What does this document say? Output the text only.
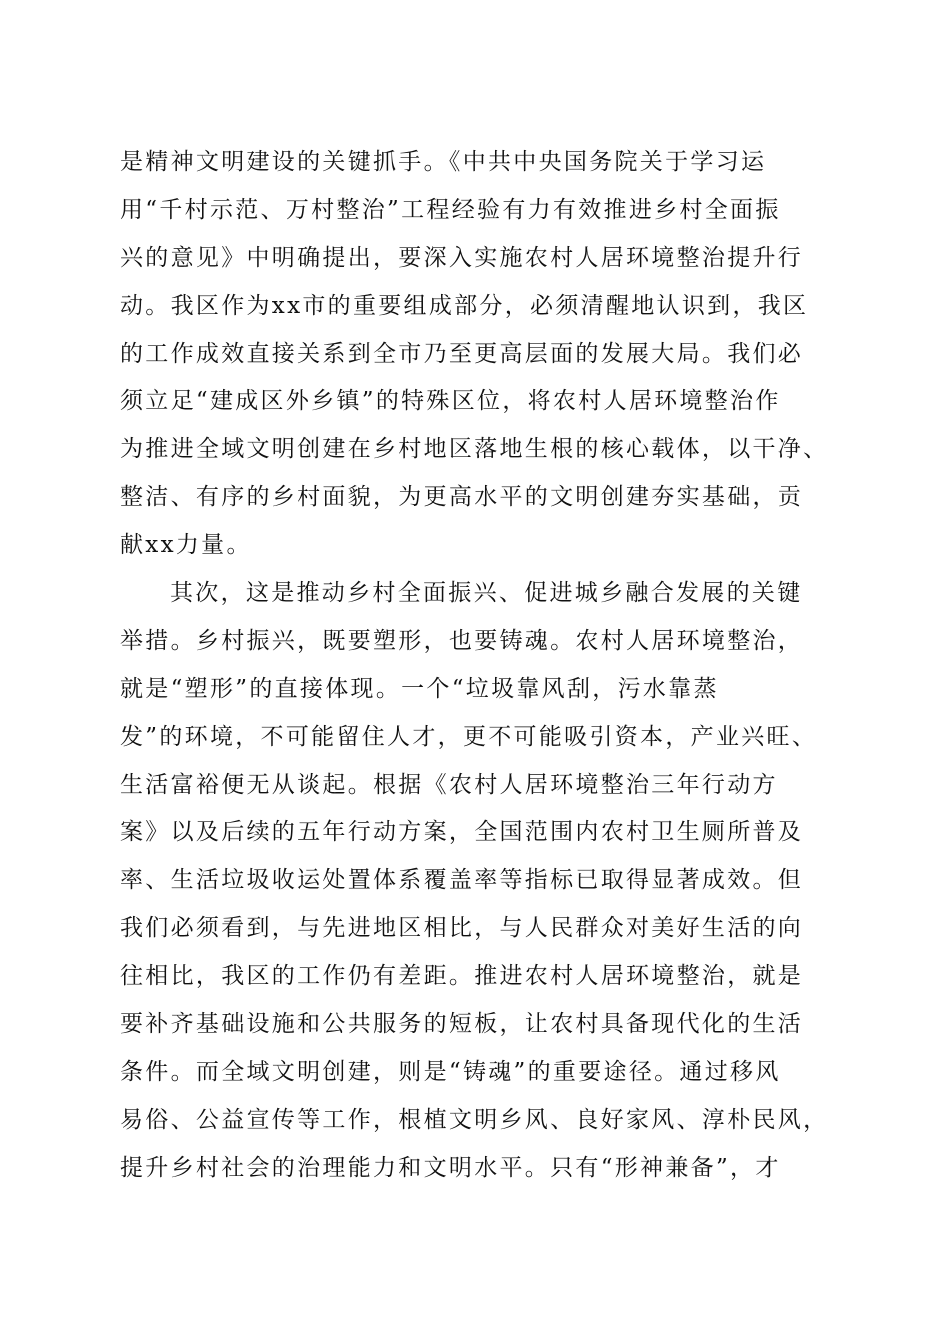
是精神文明建设的关键抓手。《中共中央国务院关于学习运
用“千村示范、万村整治”工程经验有力有效推进乡村全面振
兴的意见》中明确提出，要深入实施农村人居环境整治提升行
动。我区作为xx市的重要组成部分，必须清醒地认识到，我区
的工作成效直接关系到全市乃至更高层面的发展大局。我们必
须立足“建成区外乡镇”的特殊区位，将农村人居环境整治作
为推进全域文明创建在乡村地区落地生根的核心载体，以干净、
整洁、有序的乡村面貌，为更高水平的文明创建夯实基础，贡
献xx力量。
其次，这是推动乡村全面振兴、促进城乡融合发展的关键
举措。乡村振兴，既要塑形，也要铸魂。农村人居环境整治，
就是“塑形”的直接体现。一个“垃圾靠风刮，污水靠蒸
发”的环境，不可能留住人才，更不可能吸引资本，产业兴旺、
生活富裕便无从谈起。根据《农村人居环境整治三年行动方
案》以及后续的五年行动方案，全国范围内农村卫生厕所普及
率、生活垃圾收运处置体系覆盖率等指标已取得显著成效。但
我们必须看到，与先进地区相比，与人民群众对美好生活的向
往相比，我区的工作仍有差距。推进农村人居环境整治，就是
要补齐基础设施和公共服务的短板，让农村具备现代化的生活
条件。而全域文明创建，则是“铸魂”的重要途径。通过移风
易俗、公益宣传等工作，根植文明乡风、良好家风、淳朴民风，
提升乡村社会的治理能力和文明水平。只有“形神兼备”，才
